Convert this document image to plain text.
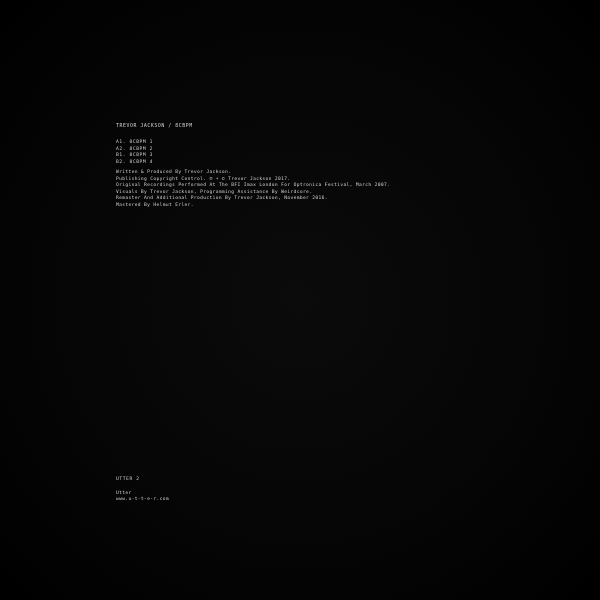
TREVOR JACKSON / 8CBPM
A1. 8CBPM 1
A2. 8CBPM 2
B1. 8CBPM 3
B2. 8CBPM 4
Written & Produced By Trevor Jackson.
Publishing Copyright Control. ℗ + © Trevor Jackson 2017.
Original Recordings Performed At The BFI Imax London For Optronica Festival, March 2007.
Visuals By Trevor Jackson, Programming Assistance By Weirdcore.
Remaster And Additional Production By Trevor Jackson, November 2016.
Mastered By Helmut Erler.
UTTER 2
Utter
www.u-t-t-e-r.com
